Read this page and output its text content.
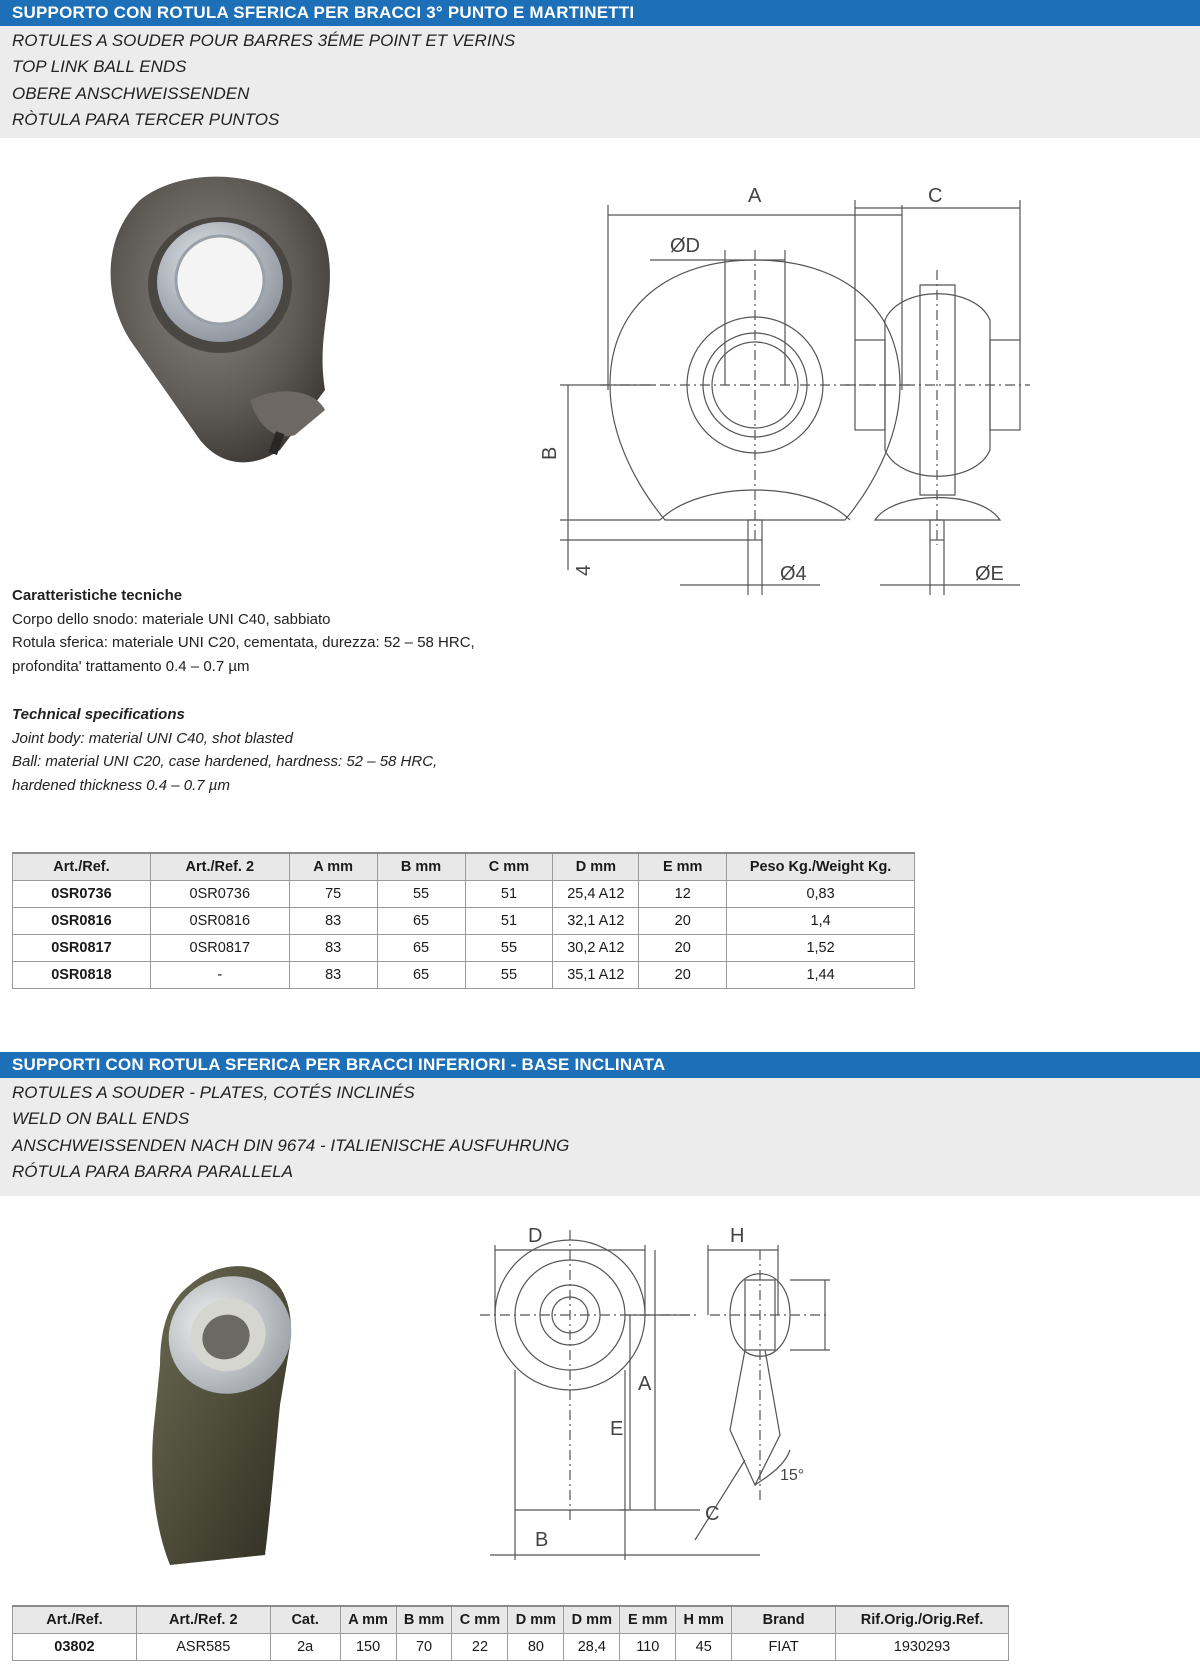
SUPPORTO CON ROTULA SFERICA PER BRACCI 3° PUNTO E MARTINETTI
ROTULES A SOUDER POUR BARRES 3ÉME POINT ET VERINS
TOP LINK BALL ENDS
OBERE ANSCHWEISSENDEN
RÒTULA PARA TERCER PUNTOS
A	C
ØD
B
4	Ø4	ØE
Caratteristiche tecniche
Corpo dello snodo: materiale UNI C40, sabbiato
Rotula sferica: materiale UNI C20, cementata, durezza: 52 – 58 HRC,
profondita' trattamento 0.4 – 0.7 µm
Technical specifications
Joint body: material UNI C40, shot blasted
Ball: material UNI C20, case hardened, hardness: 52 – 58 HRC,
hardened thickness 0.4 – 0.7 µm
Art./Ref.	Art./Ref. 2	A mm	B mm	C mm	D mm	E mm	Peso Kg./Weight Kg.
0SR0736	0SR0736	75	55	51	25,4 A12	12	0,83
0SR0816	0SR0816	83	65	51	32,1 A12	20	1,4
0SR0817	0SR0817	83	65	55	30,2 A12	20	1,52
0SR0818	-	83	65	55	35,1 A12	20	1,44
SUPPORTI CON ROTULA SFERICA PER BRACCI INFERIORI - BASE INCLINATA
ROTULES A SOUDER - PLATES, COTÉS INCLINÉS
WELD ON BALL ENDS
ANSCHWEISSENDEN NACH DIN 9674 - ITALIENISCHE AUSFUHRUNG
RÓTULA PARA BARRA PARALLELA
D	H
A
E
B
C
15°
Art./Ref.	Art./Ref. 2	Cat.	A mm	B mm	C mm	D mm	D mm	E mm	H mm	Brand	Rif.Orig./Orig.Ref.
03802	ASR585	2a	150	70	22	80	28,4	110	45	FIAT	1930293
